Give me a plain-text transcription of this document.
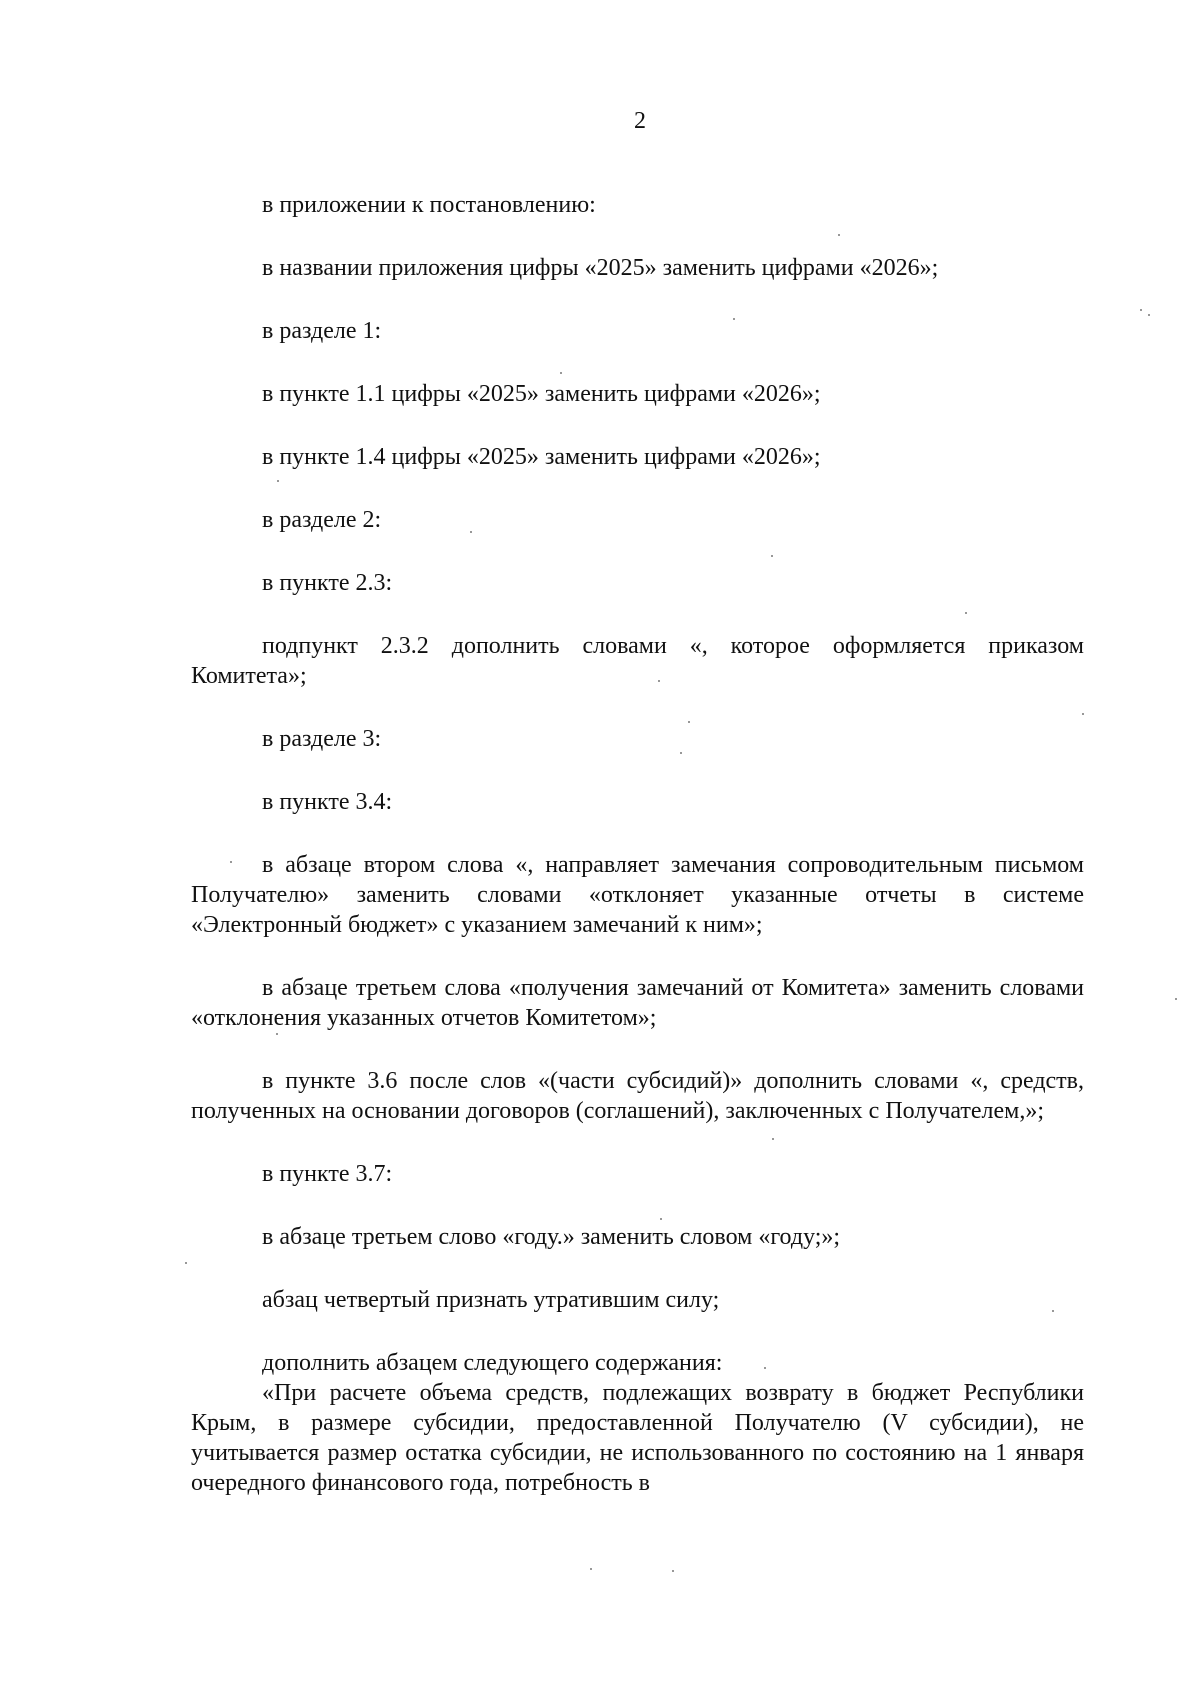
2

в приложении к постановлению:

в названии приложения цифры «2025» заменить цифрами «2026»;

в разделе 1:

в пункте 1.1 цифры «2025» заменить цифрами «2026»;

в пункте 1.4 цифры «2025» заменить цифрами «2026»;

в разделе 2:

в пункте 2.3:

подпункт 2.3.2 дополнить словами «, которое оформляется приказом Комитета»;

в разделе 3:

в пункте 3.4:

в абзаце втором слова «, направляет замечания сопроводительным письмом Получателю» заменить словами «отклоняет указанные отчеты в системе «Электронный бюджет» с указанием замечаний к ним»;

в абзаце третьем слова «получения замечаний от Комитета» заменить словами «отклонения указанных отчетов Комитетом»;

в пункте 3.6 после слов «(части субсидий)» дополнить словами «, средств, полученных на основании договоров (соглашений), заключенных с Получателем,»;

в пункте 3.7:

в абзаце третьем слово «году.» заменить словом «году;»;

абзац четвертый признать утратившим силу;

дополнить абзацем следующего содержания:

«При расчете объема средств, подлежащих возврату в бюджет Республики Крым, в размере субсидии, предоставленной Получателю (V субсидии), не учитывается размер остатка субсидии, не использованного по состоянию на 1 января очередного финансового года, потребность в
